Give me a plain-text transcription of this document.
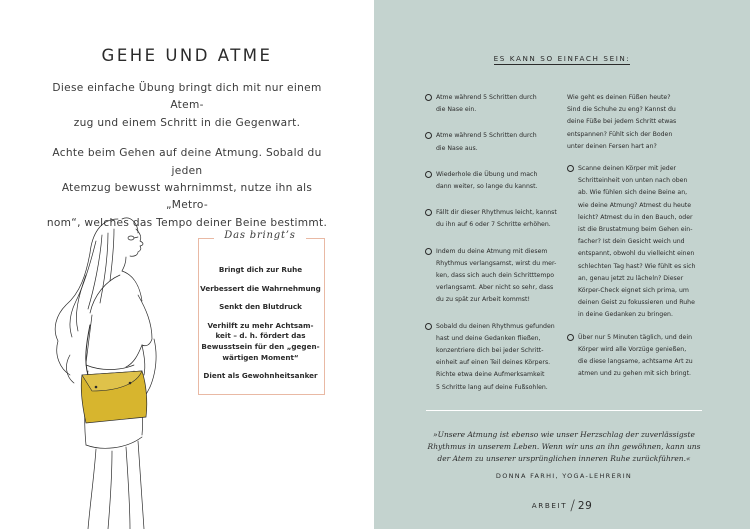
GEHE UND ATME

Diese einfache Übung bringt dich mit nur einem Atem-
zug und einem Schritt in die Gegenwart.

Achte beim Gehen auf deine Atmung. Sobald du jeden
Atemzug bewusst wahrnimmst, nutze ihn als „Metro-
nom“, welches das Tempo deiner Beine bestimmt.

Das bringt’s
Bringt dich zur Ruhe
Verbessert die Wahrnehmung
Senkt den Blutdruck
Verhilft zu mehr Achtsam-
keit – d. h. fördert das
Bewusstsein für den „gegen-
wärtigen Moment“
Dient als Gewohnheitsanker
ES KANN SO EINFACH SEIN:
Atme während 5 Schritten durch
die Nase ein.
Atme während 5 Schritten durch
die Nase aus.
Wiederhole die Übung und mach
dann weiter, so lange du kannst.
Fällt dir dieser Rhythmus leicht, kannst
du ihn auf 6 oder 7 Schritte erhöhen.
Indem du deine Atmung mit diesem
Rhythmus verlangsamst, wirst du mer-
ken, dass sich auch dein Schritttempo
verlangsamt. Aber nicht so sehr, dass
du zu spät zur Arbeit kommst!
Sobald du deinen Rhythmus gefunden
hast und deine Gedanken fließen,
konzentriere dich bei jeder Schritt-
einheit auf einen Teil deines Körpers.
Richte etwa deine Aufmerksamkeit
5 Schritte lang auf deine Fußsohlen.
Wie geht es deinen Füßen heute?
Sind die Schuhe zu eng? Kannst du
deine Füße bei jedem Schritt etwas
entspannen? Fühlt sich der Boden
unter deinen Fersen hart an?
Scanne deinen Körper mit jeder
Schritteinheit von unten nach oben
ab. Wie fühlen sich deine Beine an,
wie deine Atmung? Atmest du heute
leicht? Atmest du in den Bauch, oder
ist die Brustatmung beim Gehen ein-
facher? Ist dein Gesicht weich und
entspannt, obwohl du vielleicht einen
schlechten Tag hast? Wie fühlt es sich
an, genau jetzt zu lächeln? Dieser
Körper-Check eignet sich prima, um
deinen Geist zu fokussieren und Ruhe
in deine Gedanken zu bringen.
Über nur 5 Minuten täglich, und dein
Körper wird alle Vorzüge genießen,
die diese langsame, achtsame Art zu
atmen und zu gehen mit sich bringt.
»Unsere Atmung ist ebenso wie unser Herzschlag der zuverlässigste
Rhythmus in unserem Leben. Wenn wir uns an ihn gewöhnen, kann uns
der Atem zu unserer ursprünglichen inneren Ruhe zurückführen.«
DONNA FARHI, YOGA-LEHRERIN
ARBEIT / 29
